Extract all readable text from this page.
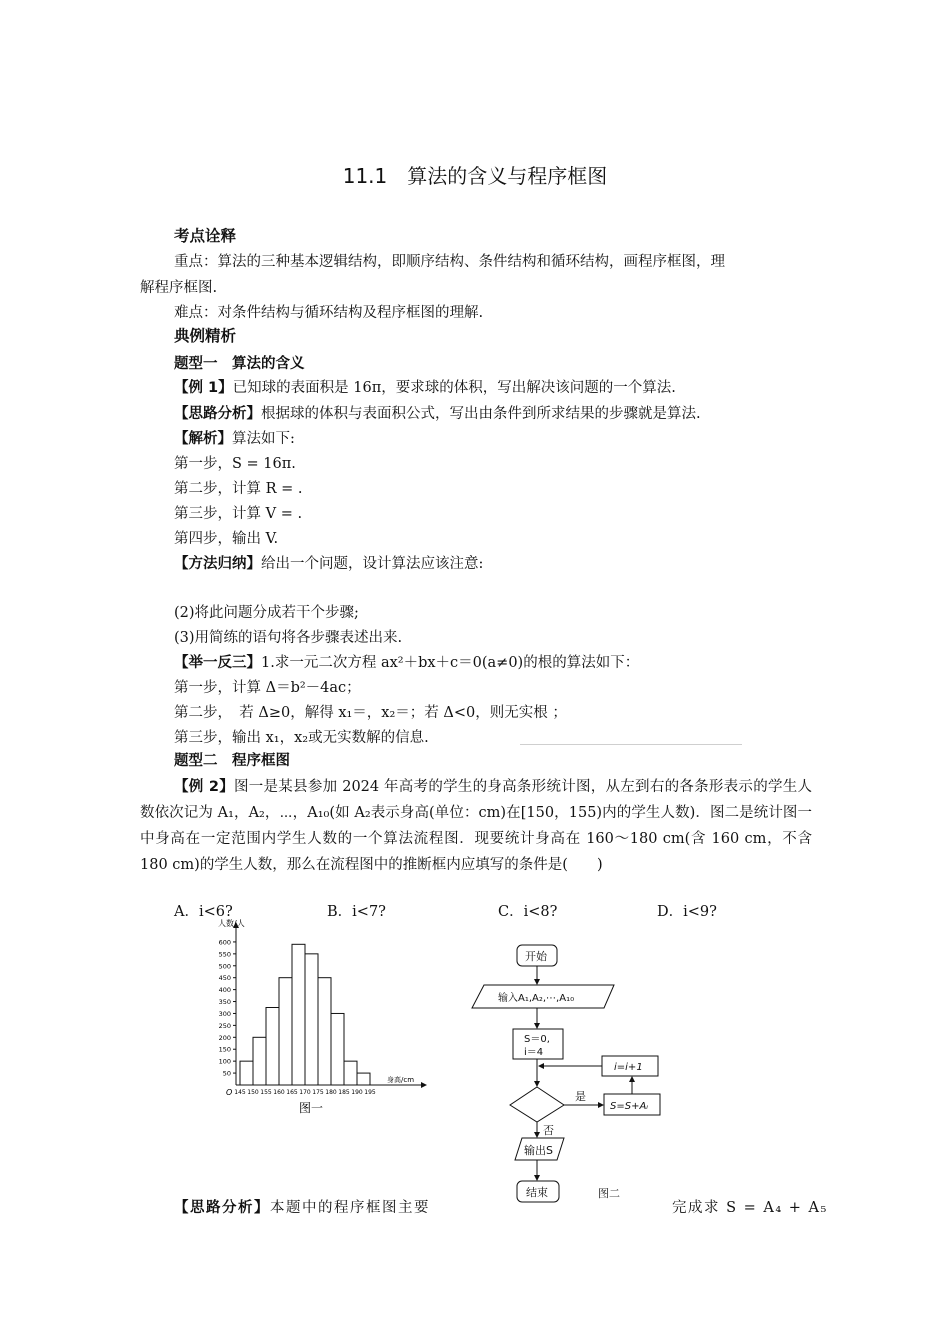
11.1　算法的含义与程序框图
考点诠释
重点：算法的三种基本逻辑结构，即顺序结构、条件结构和循环结构，画程序框图，理
解程序框图.
难点：对条件结构与循环结构及程序框图的理解.
典例精析
题型一　算法的含义
【例 1】已知球的表面积是 16π，要求球的体积，写出解决该问题的一个算法.
【思路分析】根据球的体积与表面积公式，写出由条件到所求结果的步骤就是算法.
【解析】算法如下:
第一步，S = 16π.
第二步，计算 R = .
第三步，计算 V = .
第四步，输出 V.
【方法归纳】给出一个问题，设计算法应该注意:
(2)将此问题分成若干个步骤;
(3)用简练的语句将各步骤表述出来.
【举一反三】1.求一元二次方程 ax²＋bx＋c＝0(a≠0)的根的算法如下：
第一步，计算 Δ＝b²－4ac；
第二步，　若 Δ≥0，解得 x₁＝，x₂＝；若 Δ<0，则无实根 ；
第三步，输出 x₁，x₂或无实数解的信息.
题型二　程序框图
【例 2】图一是某县参加 2024 年高考的学生的身高条形统计图，从左到右的各条形表示的学生人数依次记为 A₁，A₂，⋯，A₁₀(如 A₂表示身高(单位：cm)在[150，155)内的学生人数)．图二是统计图一中身高在一定范围内学生人数的一个算法流程图．现要统计身高在 160～180 cm(含 160 cm，不含 180 cm)的学生人数，那么在流程图中的推断框内应填写的条件是(　　)
A．i<6?	B．i<7?	C．i<8?	D．i<9?
50
100
150
200
250
300
350
400
450
500
550
600
145 150 155 160 165 170 175 180 185 190 195
人数/人
身高/cm
O
图一
开始
输入A₁,A₂,⋯,A₁₀
S＝0,
i＝4
i=i+1
是
S=S+Aᵢ
否
输出S
结束	图二
【思路分析】本题中的程序框图主要	完成求 S = A₄ + A₅
